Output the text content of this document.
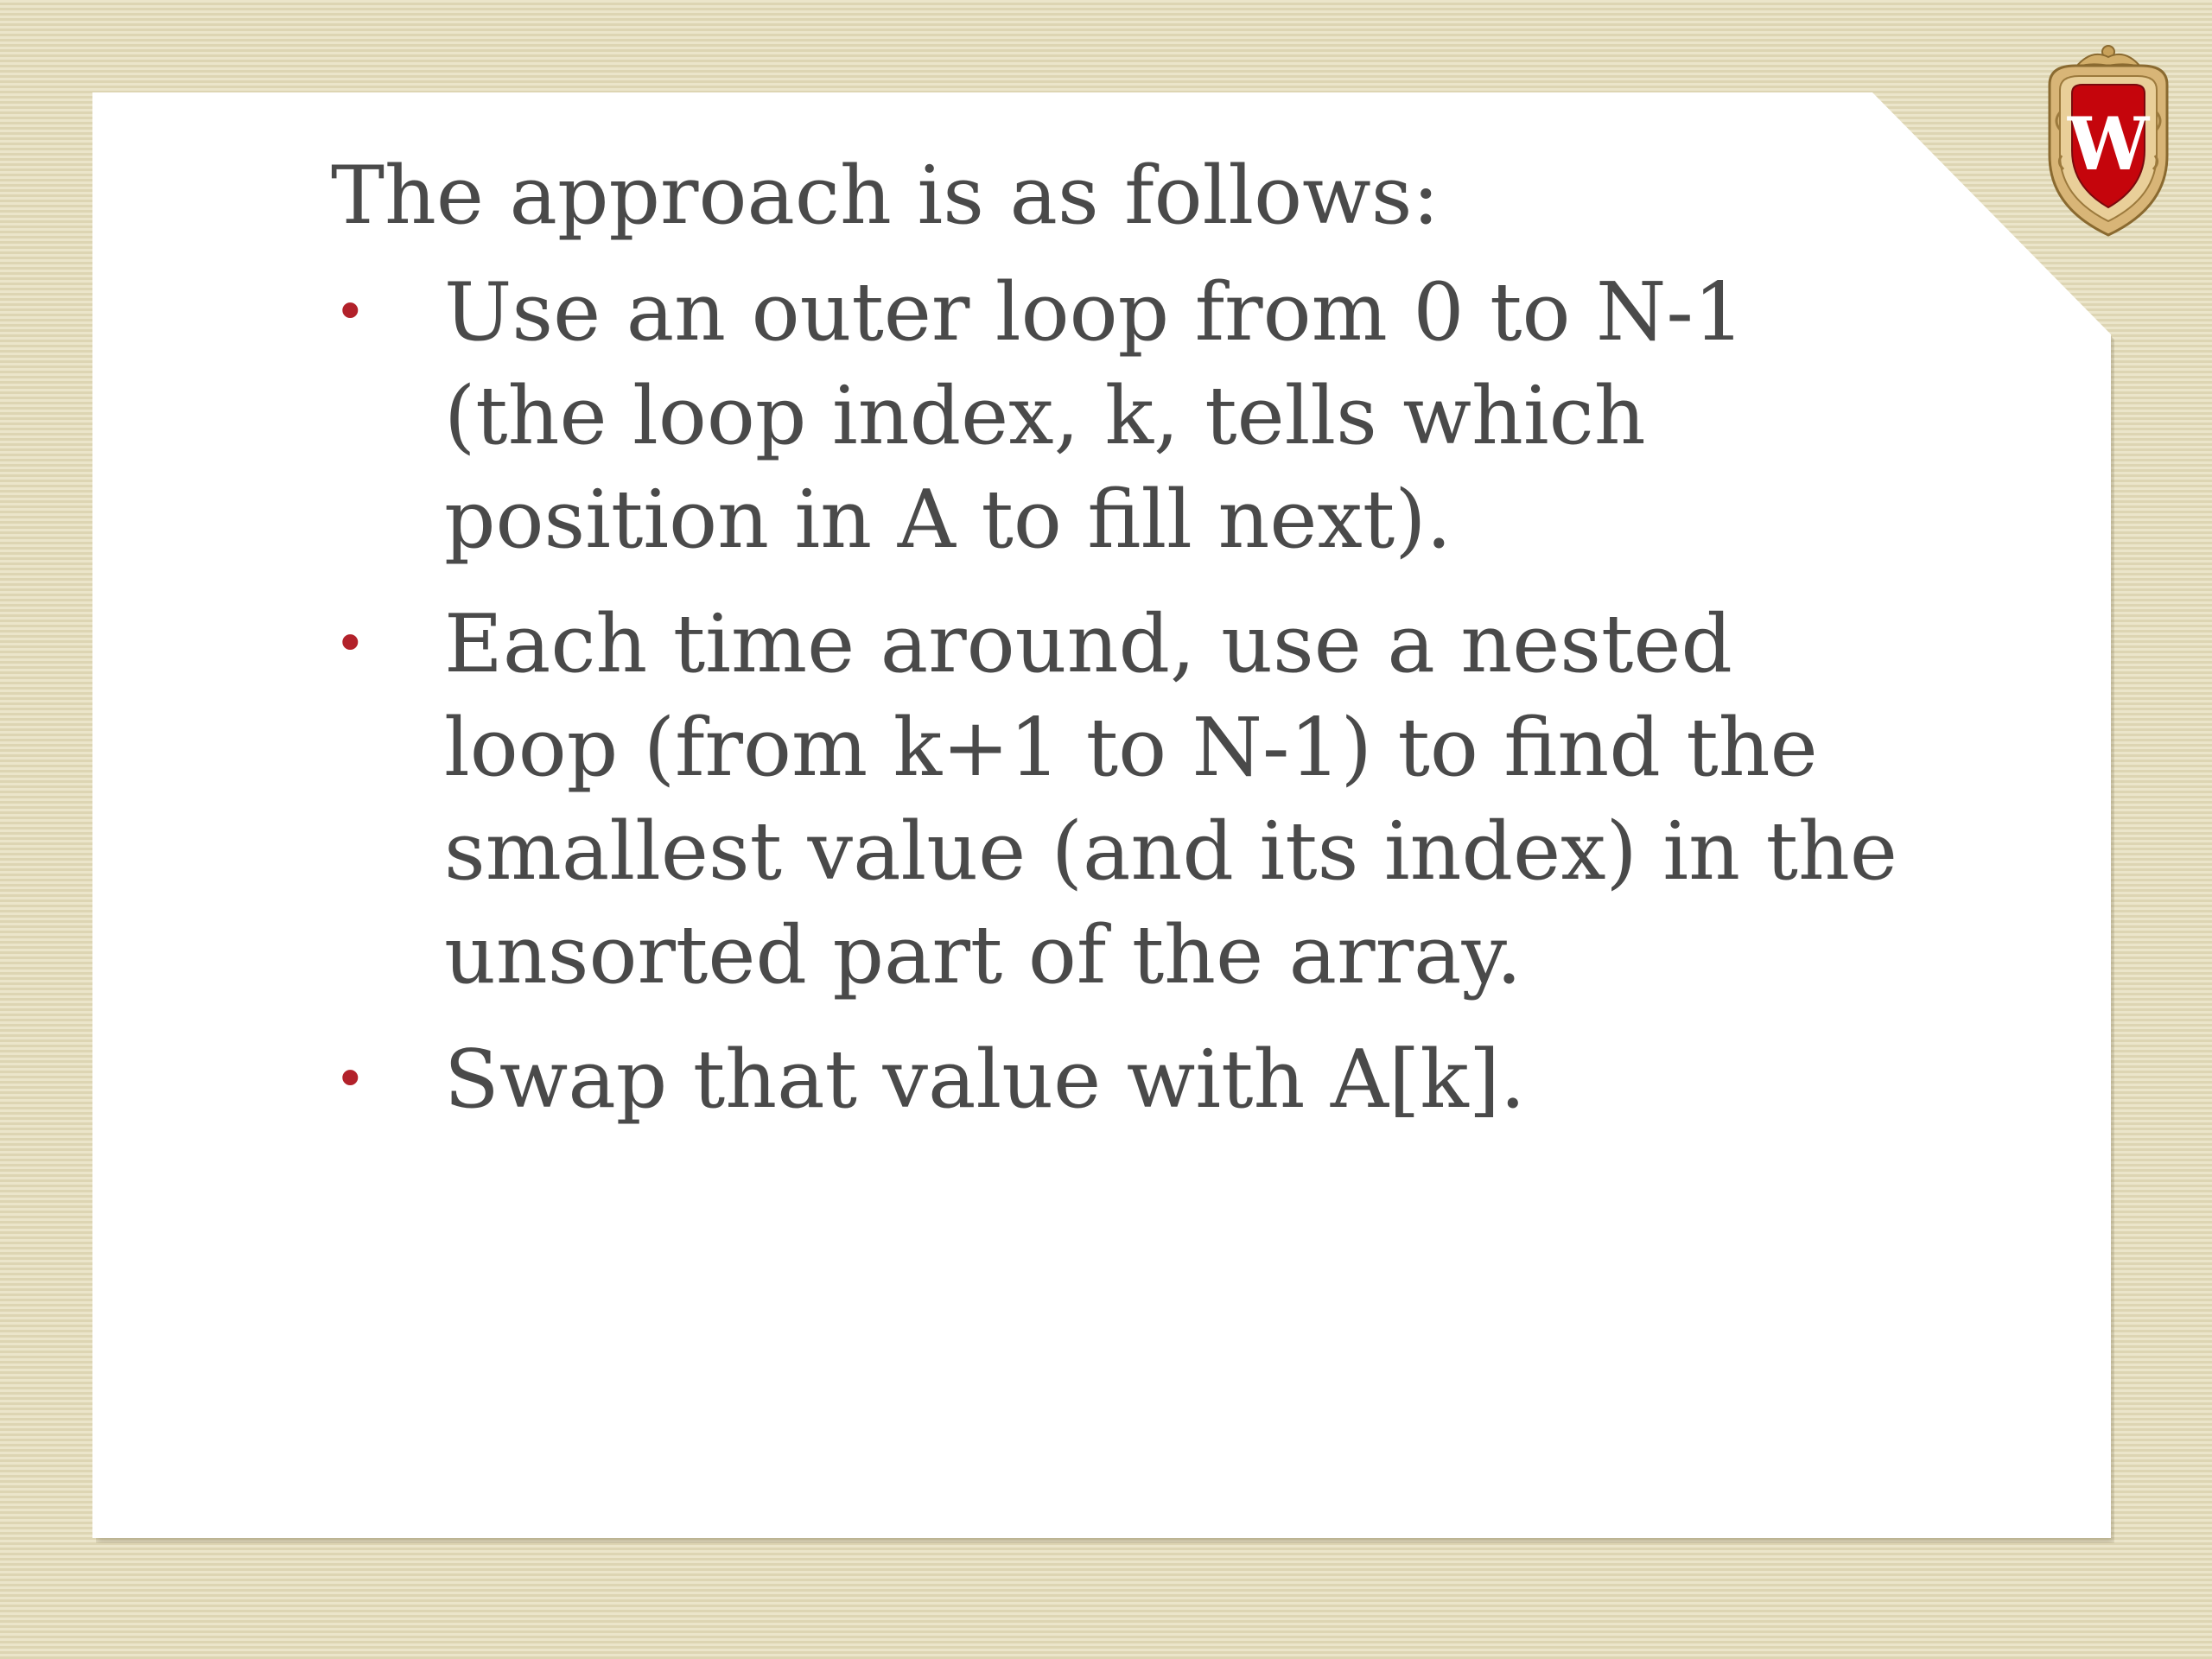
The approach is as follows:
• Use an outer loop from 0 to N-1 (the loop index, k, tells which position in A to fill next).
• Each time around, use a nested loop (from k+1 to N-1) to find the smallest value (and its index) in the unsorted part of the array.
• Swap that value with A[k].
W
